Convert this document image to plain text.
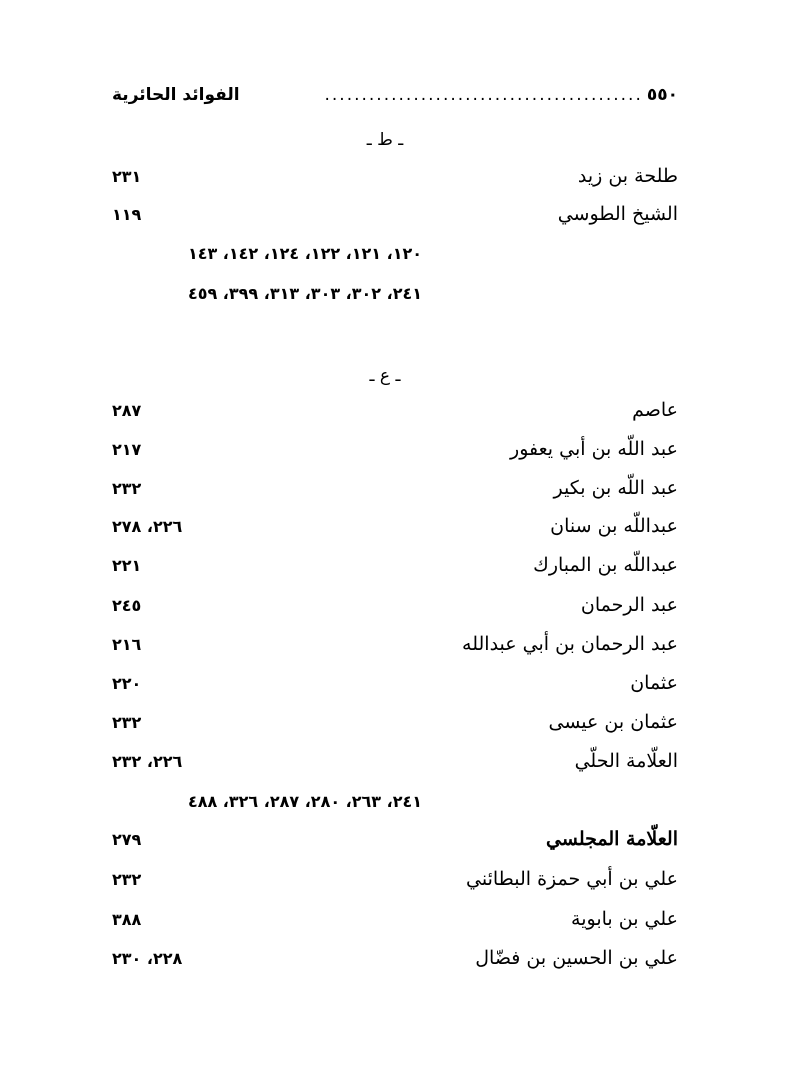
٥٥٠
...........................................
الفوائد الحائرية
ـ ط ـ
طلحة بن زيد
٢٣١
الشيخ الطوسي
١١٩
١٢٠، ١٢١، ١٢٢، ١٢٤، ١٤٢، ١٤٣
٢٤١، ٣٠٢، ٣٠٣، ٣١٣، ٣٩٩، ٤٥٩
ـ ع ـ
عاصم
٢٨٧
عبد اللّه بن أبي يعفور
٢١٧
عبد اللّه بن بكير
٢٣٢
عبداللّه بن سنان
٢٢٦، ٢٧٨
عبداللّه بن المبارك
٢٢١
عبد الرحمان
٢٤٥
عبد الرحمان بن أبي عبدالله
٢١٦
عثمان
٢٢٠
عثمان بن عيسى
٢٣٢
العلّامة الحلّي
٢٢٦، ٢٣٢
٢٤١، ٢٦٣، ٢٨٠، ٢٨٧، ٣٢٦، ٤٨٨
العلّامة المجلسي
٢٧٩
علي بن أبي حمزة البطائني
٢٣٢
علي بن بابوية
٣٨٨
علي بن الحسين بن فضّال
٢٢٨، ٢٣٠
